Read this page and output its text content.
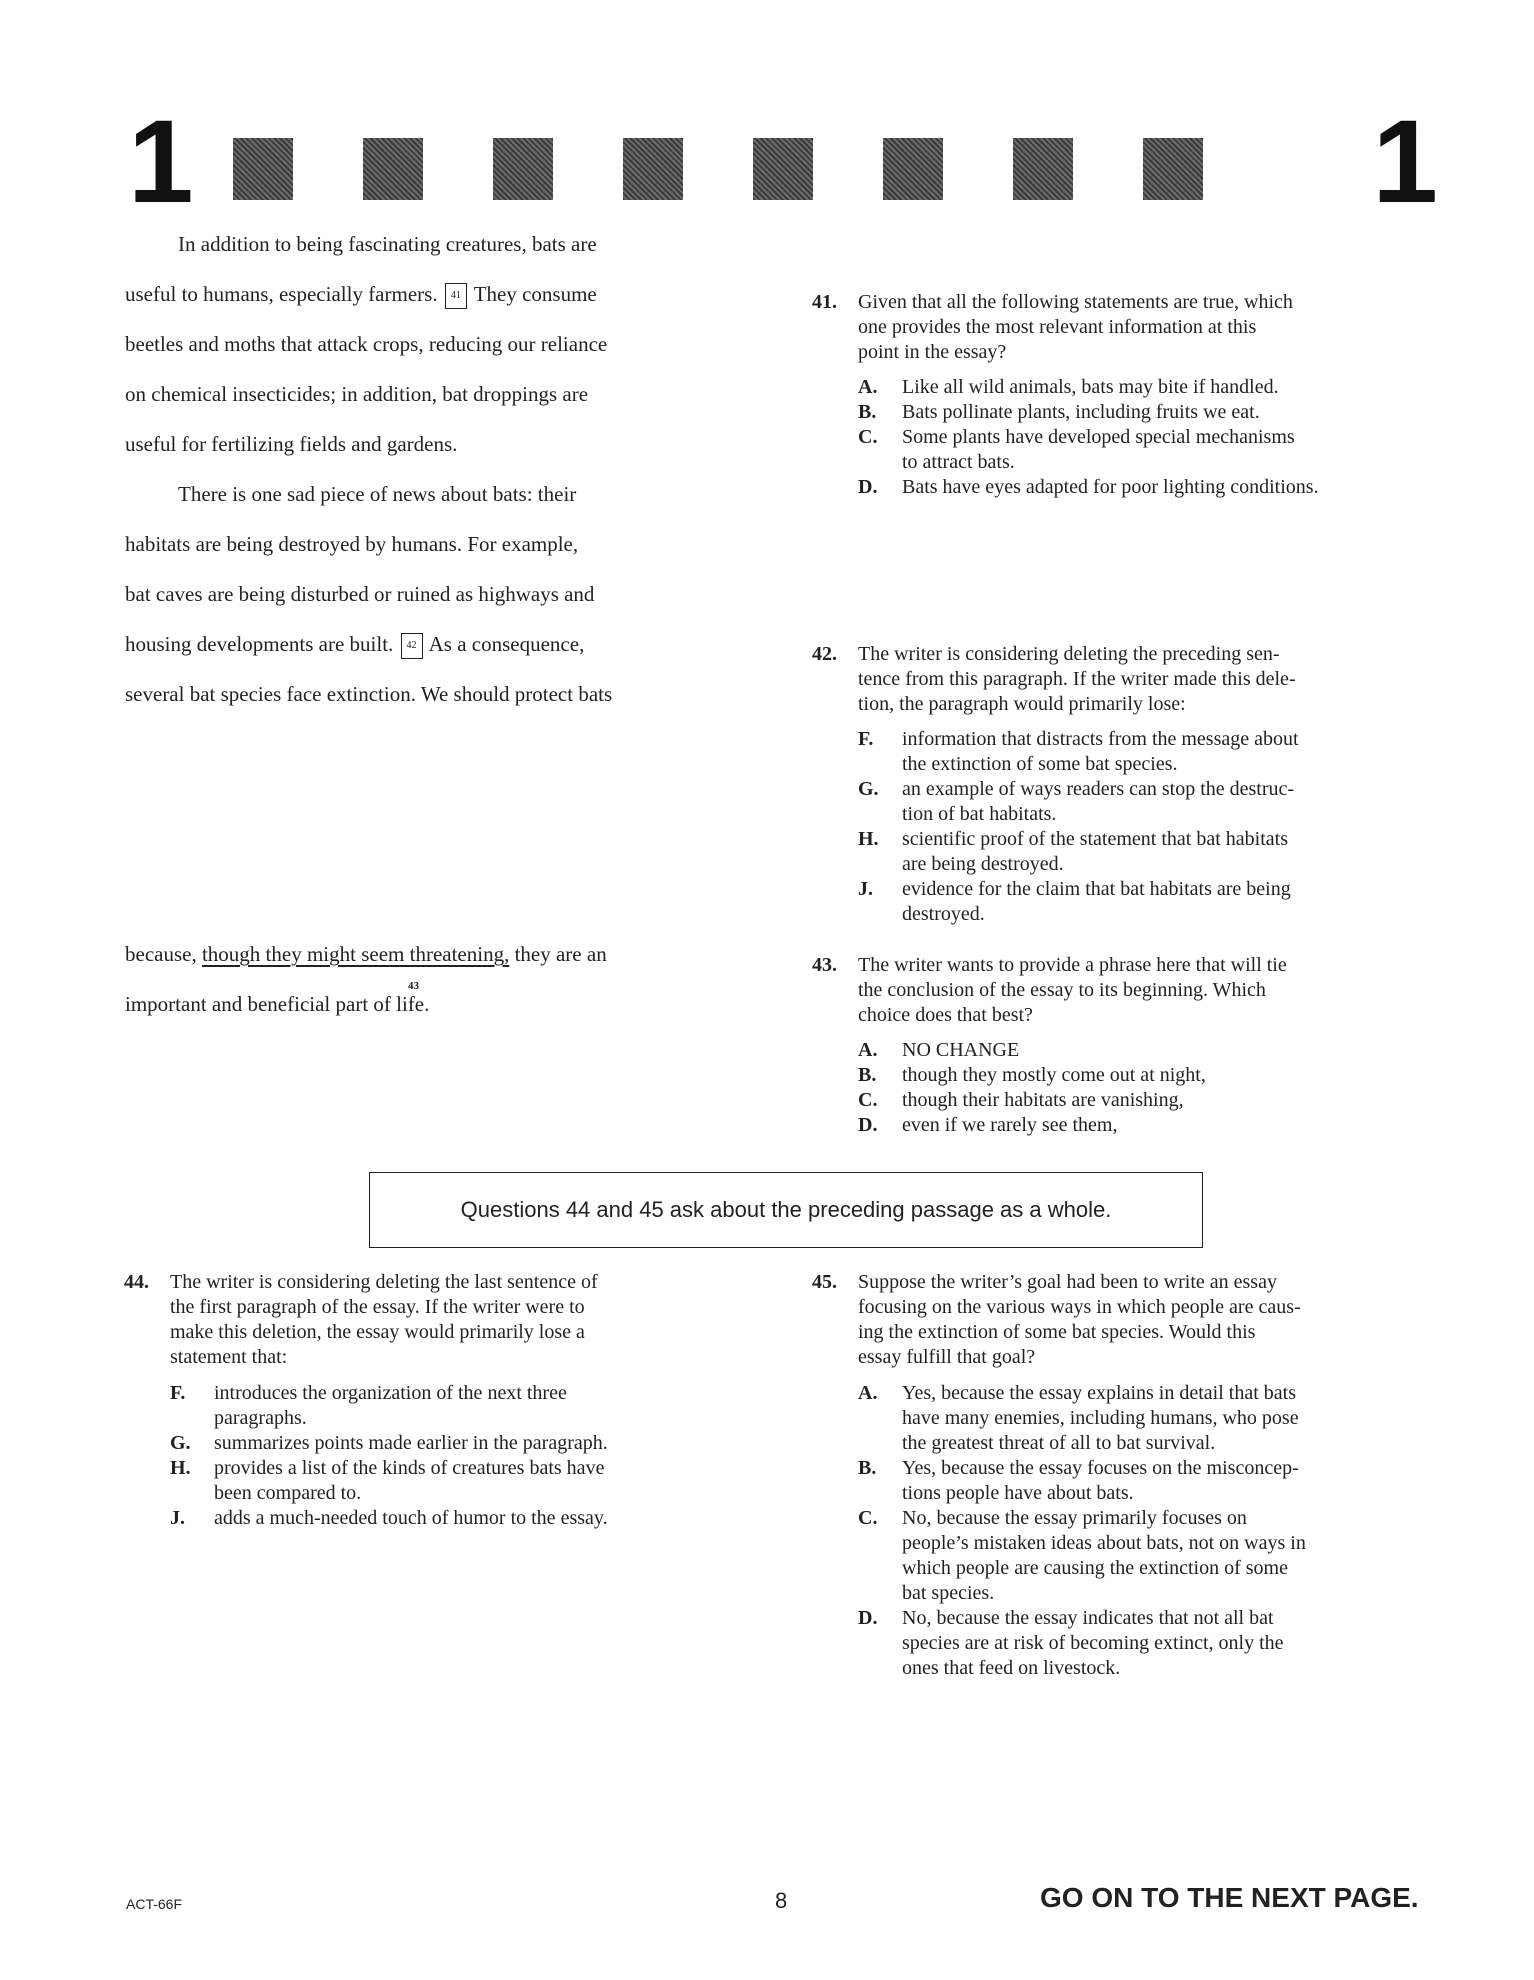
1	1
In addition to being fascinating creatures, bats are
useful to humans, especially farmers. 41 They consume
beetles and moths that attack crops, reducing our reliance
on chemical insecticides; in addition, bat droppings are
useful for fertilizing fields and gardens.
There is one sad piece of news about bats: their
habitats are being destroyed by humans. For example,
bat caves are being disturbed or ruined as highways and
housing developments are built. 42 As a consequence,
several bat species face extinction. We should protect bats
because, though they might seem threatening, they are an
43
important and beneficial part of life.
41. Given that all the following statements are true, which
one provides the most relevant information at this
point in the essay?
A. Like all wild animals, bats may bite if handled.
B. Bats pollinate plants, including fruits we eat.
C. Some plants have developed special mechanisms
to attract bats.
D. Bats have eyes adapted for poor lighting conditions.
42. The writer is considering deleting the preceding sen-
tence from this paragraph. If the writer made this dele-
tion, the paragraph would primarily lose:
F. information that distracts from the message about
the extinction of some bat species.
G. an example of ways readers can stop the destruc-
tion of bat habitats.
H. scientific proof of the statement that bat habitats
are being destroyed.
J. evidence for the claim that bat habitats are being
destroyed.
43. The writer wants to provide a phrase here that will tie
the conclusion of the essay to its beginning. Which
choice does that best?
A. NO CHANGE
B. though they mostly come out at night,
C. though their habitats are vanishing,
D. even if we rarely see them,
Questions 44 and 45 ask about the preceding passage as a whole.
44. The writer is considering deleting the last sentence of
the first paragraph of the essay. If the writer were to
make this deletion, the essay would primarily lose a
statement that:
F. introduces the organization of the next three
paragraphs.
G. summarizes points made earlier in the paragraph.
H. provides a list of the kinds of creatures bats have
been compared to.
J. adds a much-needed touch of humor to the essay.
45. Suppose the writer’s goal had been to write an essay
focusing on the various ways in which people are caus-
ing the extinction of some bat species. Would this
essay fulfill that goal?
A. Yes, because the essay explains in detail that bats
have many enemies, including humans, who pose
the greatest threat of all to bat survival.
B. Yes, because the essay focuses on the misconcep-
tions people have about bats.
C. No, because the essay primarily focuses on
people’s mistaken ideas about bats, not on ways in
which people are causing the extinction of some
bat species.
D. No, because the essay indicates that not all bat
species are at risk of becoming extinct, only the
ones that feed on livestock.
ACT-66F	8	GO ON TO THE NEXT PAGE.
